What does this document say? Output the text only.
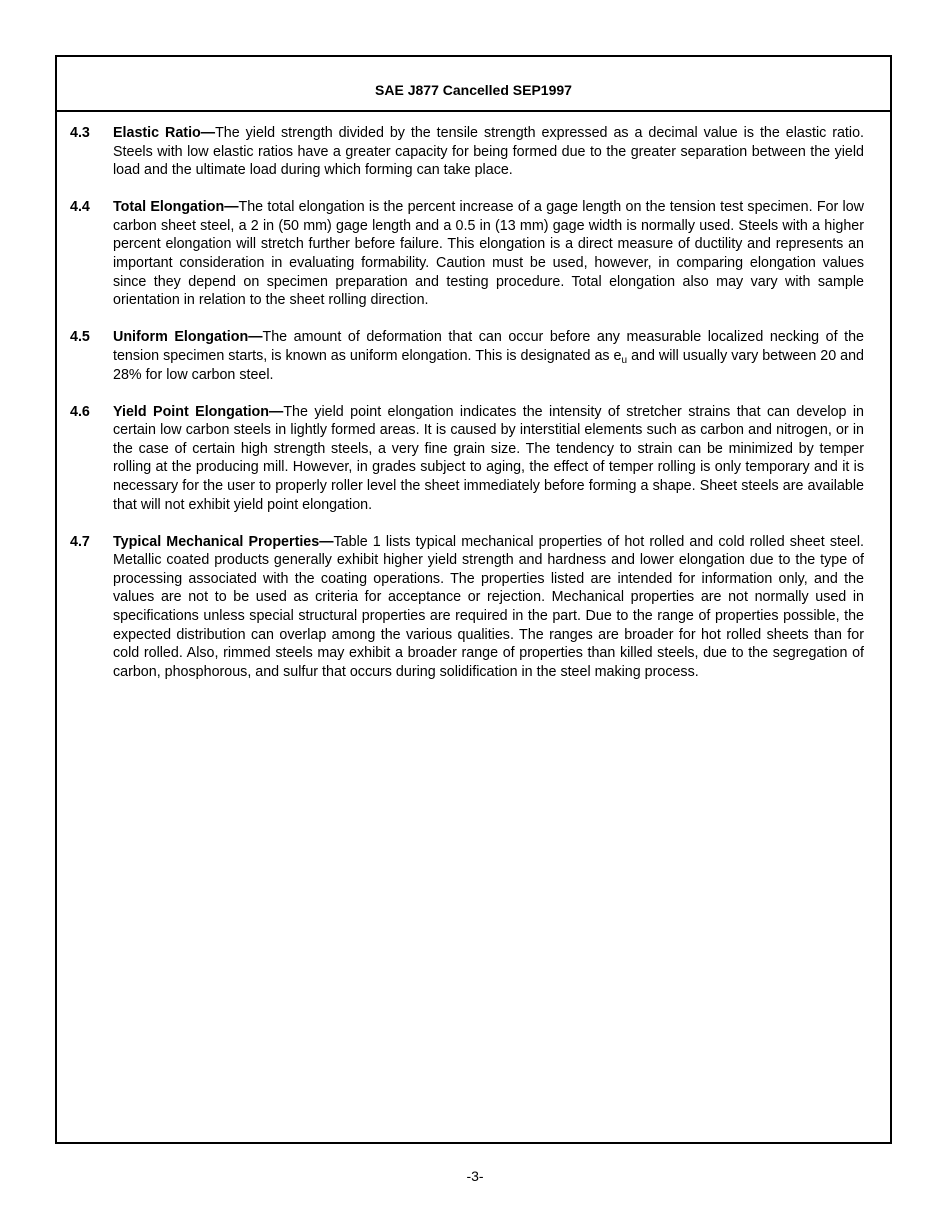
SAE J877 Cancelled SEP1997
4.3	Elastic Ratio—The yield strength divided by the tensile strength expressed as a decimal value is the elastic ratio. Steels with low elastic ratios have a greater capacity for being formed due to the greater separation between the yield load and the ultimate load during which forming can take place.
4.4	Total Elongation—The total elongation is the percent increase of a gage length on the tension test specimen. For low carbon sheet steel, a 2 in (50 mm) gage length and a 0.5 in (13 mm) gage width is normally used. Steels with a higher percent elongation will stretch further before failure. This elongation is a direct measure of ductility and represents an important consideration in evaluating formability. Caution must be used, however, in comparing elongation values since they depend on specimen preparation and testing procedure. Total elongation also may vary with sample orientation in relation to the sheet rolling direction.
4.5	Uniform Elongation—The amount of deformation that can occur before any measurable localized necking of the tension specimen starts, is known as uniform elongation. This is designated as $e_u$ and will usually vary between 20 and 28% for low carbon steel.
4.6	Yield Point Elongation—The yield point elongation indicates the intensity of stretcher strains that can develop in certain low carbon steels in lightly formed areas. It is caused by interstitial elements such as carbon and nitrogen, or in the case of certain high strength steels, a very fine grain size. The tendency to strain can be minimized by temper rolling at the producing mill. However, in grades subject to aging, the effect of temper rolling is only temporary and it is necessary for the user to properly roller level the sheet immediately before forming a shape. Sheet steels are available that will not exhibit yield point elongation.
4.7	Typical Mechanical Properties—Table 1 lists typical mechanical properties of hot rolled and cold rolled sheet steel. Metallic coated products generally exhibit higher yield strength and hardness and lower elongation due to the type of processing associated with the coating operations. The properties listed are intended for information only, and the values are not to be used as criteria for acceptance or rejection. Mechanical properties are not normally used in specifications unless special structural properties are required in the part. Due to the range of properties possible, the expected distribution can overlap among the various qualities. The ranges are broader for hot rolled sheets than for cold rolled. Also, rimmed steels may exhibit a broader range of properties than killed steels, due to the segregation of carbon, phosphorous, and sulfur that occurs during solidification in the steel making process.
-3-
